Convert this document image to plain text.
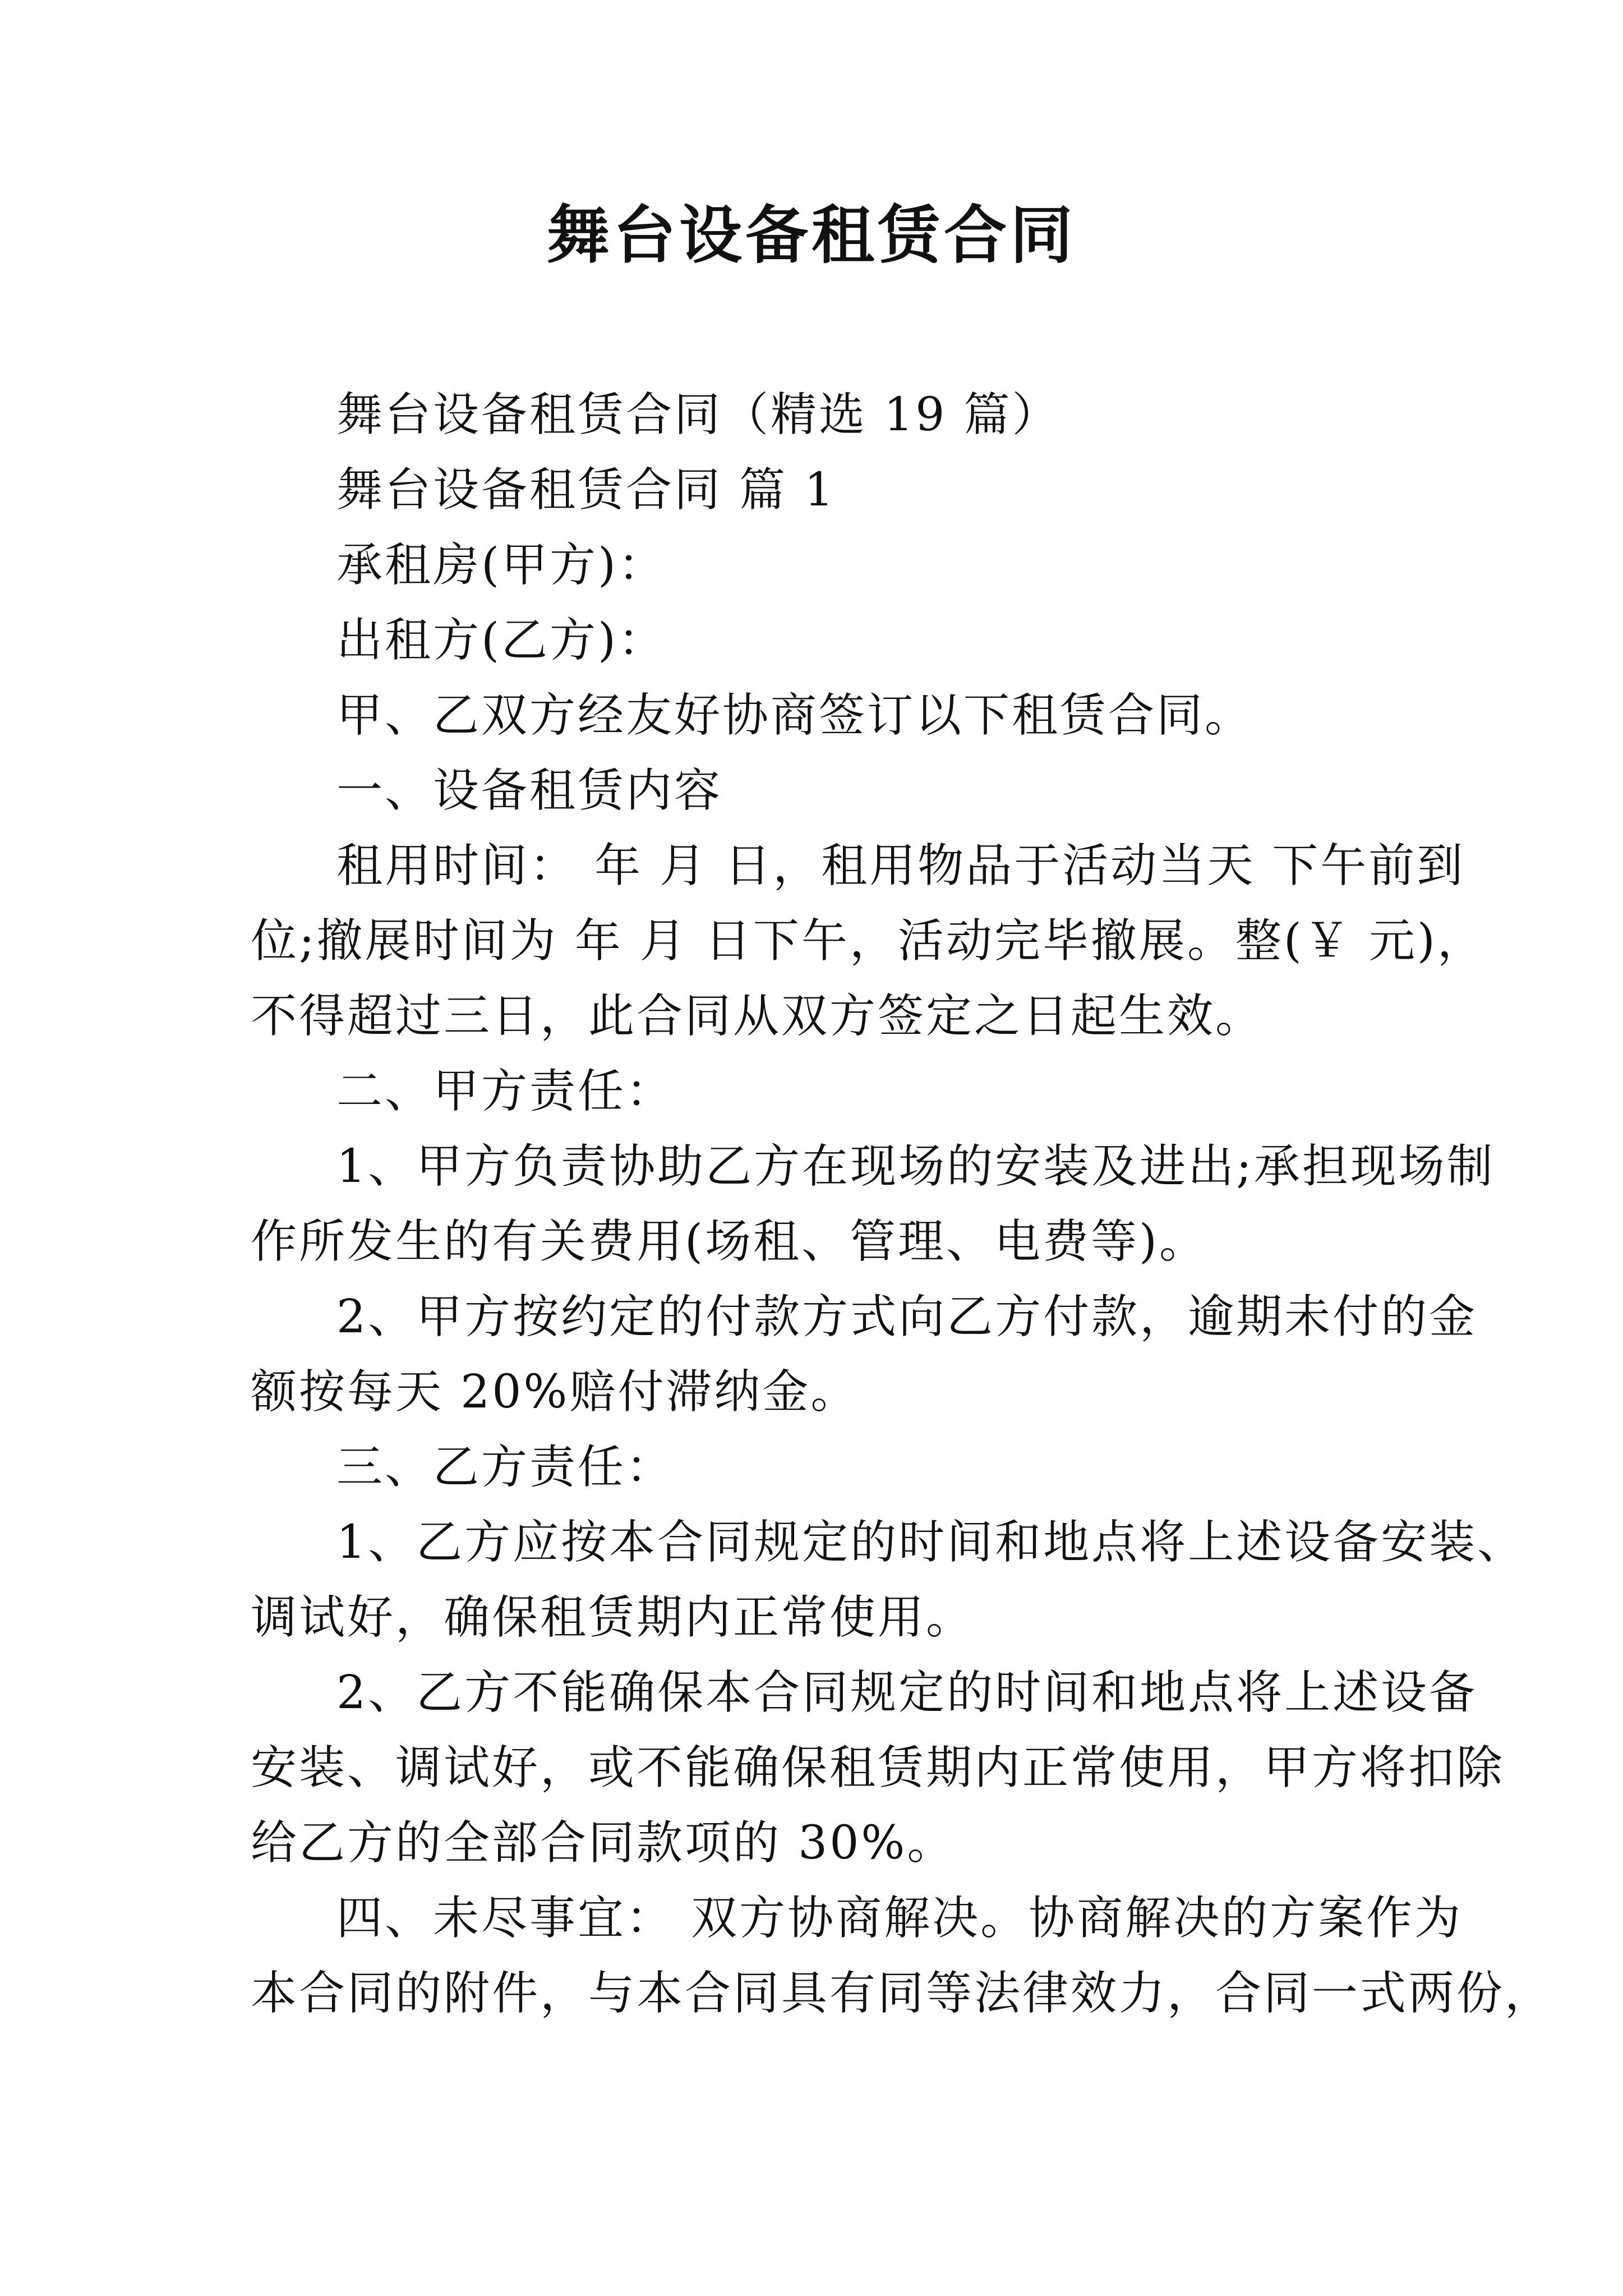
舞台设备租赁合同
舞台设备租赁合同（精选 19 篇）
舞台设备租赁合同 篇 1
承租房(甲方)：
出租方(乙方)：
甲、乙双方经友好协商签订以下租赁合同。
一、设备租赁内容
租用时间： 年 月 日，租用物品于活动当天 下午前到
位;撤展时间为 年 月 日下午，活动完毕撤展。整(￥ 元)，
不得超过三日，此合同从双方签定之日起生效。
二、甲方责任：
1、甲方负责协助乙方在现场的安装及进出;承担现场制
作所发生的有关费用(场租、管理、电费等)。
2、甲方按约定的付款方式向乙方付款，逾期未付的金
额按每天 20%赔付滞纳金。
三、乙方责任：
1、乙方应按本合同规定的时间和地点将上述设备安装、
调试好，确保租赁期内正常使用。
2、乙方不能确保本合同规定的时间和地点将上述设备
安装、调试好，或不能确保租赁期内正常使用，甲方将扣除
给乙方的全部合同款项的 30%。
四、未尽事宜： 双方协商解决。协商解决的方案作为
本合同的附件，与本合同具有同等法律效力，合同一式两份，
